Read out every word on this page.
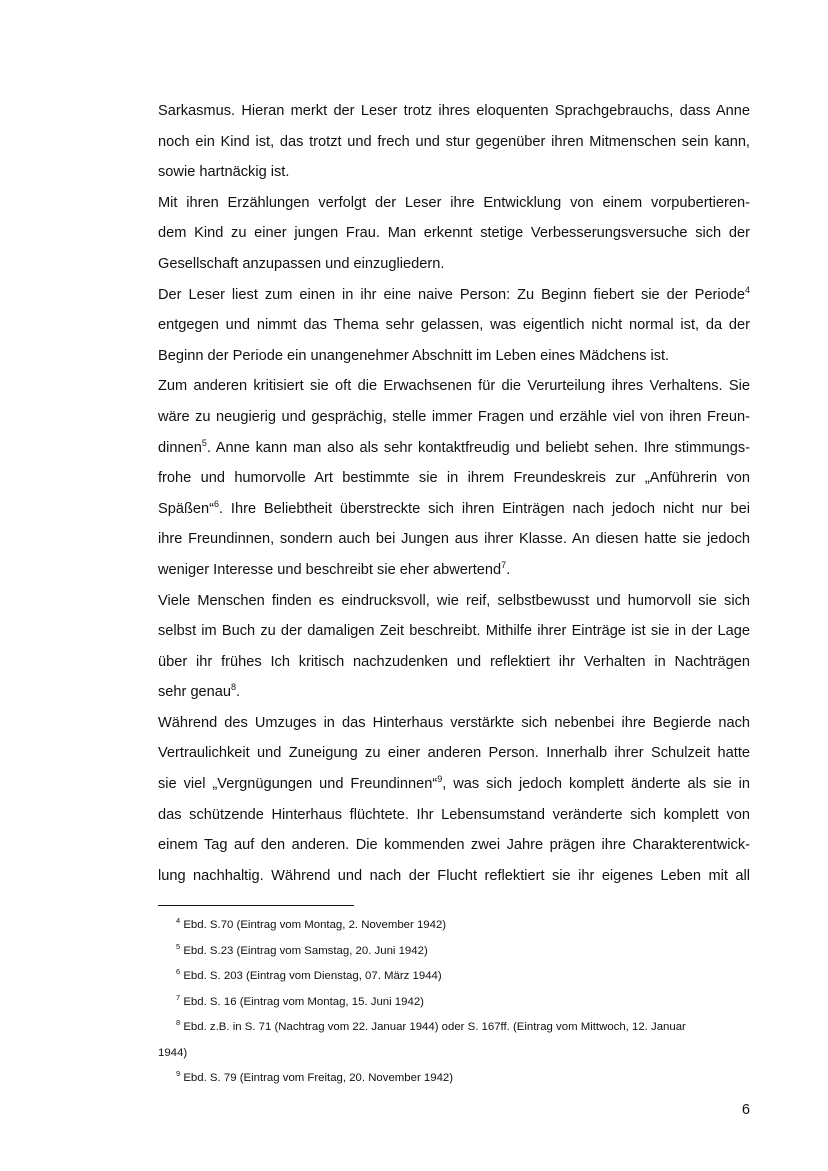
Sarkasmus. Hieran merkt der Leser trotz ihres eloquenten Sprachgebrauchs, dass Anne
noch ein Kind ist, das trotzt und frech und stur gegenüber ihren Mitmenschen sein kann,
sowie hartnäckig ist.
Mit ihren Erzählungen verfolgt der Leser ihre Entwicklung von einem vorpubertieren-
dem Kind zu einer jungen Frau. Man erkennt stetige Verbesserungsversuche sich der
Gesellschaft anzupassen und einzugliedern.
Der Leser liest zum einen in ihr eine naive Person: Zu Beginn fiebert sie der Periode$^4$
entgegen und nimmt das Thema sehr gelassen, was eigentlich nicht normal ist, da der
Beginn der Periode ein unangenehmer Abschnitt im Leben eines Mädchens ist.
Zum anderen kritisiert sie oft die Erwachsenen für die Verurteilung ihres Verhaltens. Sie
wäre zu neugierig und gesprächig, stelle immer Fragen und erzähle viel von ihren Freun-
dinnen$^5$. Anne kann man also als sehr kontaktfreudig und beliebt sehen. Ihre stimmungs-
frohe und humorvolle Art bestimmte sie in ihrem Freundeskreis zur „Anführerin von
Späßen“$^6$. Ihre Beliebtheit überstreckte sich ihren Einträgen nach jedoch nicht nur bei
ihre Freundinnen, sondern auch bei Jungen aus ihrer Klasse. An diesen hatte sie jedoch
weniger Interesse und beschreibt sie eher abwertend$^7$.
Viele Menschen finden es eindrucksvoll, wie reif, selbstbewusst und humorvoll sie sich
selbst im Buch zu der damaligen Zeit beschreibt. Mithilfe ihrer Einträge ist sie in der Lage
über ihr frühes Ich kritisch nachzudenken und reflektiert ihr Verhalten in Nachträgen
sehr genau$^8$.
Während des Umzuges in das Hinterhaus verstärkte sich nebenbei ihre Begierde nach
Vertraulichkeit und Zuneigung zu einer anderen Person. Innerhalb ihrer Schulzeit hatte
sie viel „Vergnügungen und Freundinnen“$^9$, was sich jedoch komplett änderte als sie in
das schützende Hinterhaus flüchtete. Ihr Lebensumstand veränderte sich komplett von
einem Tag auf den anderen. Die kommenden zwei Jahre prägen ihre Charakterentwick-
lung nachhaltig. Während und nach der Flucht reflektiert sie ihr eigenes Leben mit all
$^4$ Ebd. S.70 (Eintrag vom Montag, 2. November 1942)
$^5$ Ebd. S.23 (Eintrag vom Samstag, 20. Juni 1942)
$^6$ Ebd. S. 203 (Eintrag vom Dienstag, 07. März 1944)
$^7$ Ebd. S. 16 (Eintrag vom Montag, 15. Juni 1942)
$^8$ Ebd. z.B. in S. 71 (Nachtrag vom 22. Januar 1944) oder S. 167ff. (Eintrag vom Mittwoch, 12. Januar
1944)
$^9$ Ebd. S. 79 (Eintrag vom Freitag, 20. November 1942)
6
